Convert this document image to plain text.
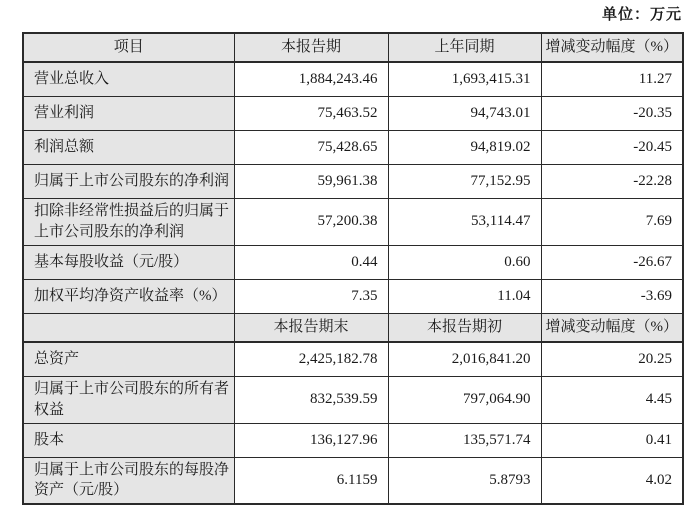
单位：万元
项目	本报告期	上年同期	增减变动幅度（%）
营业总收入	1,884,243.46	1,693,415.31	11.27
营业利润	75,463.52	94,743.01	-20.35
利润总额	75,428.65	94,819.02	-20.45
归属于上市公司股东的净利润	59,961.38	77,152.95	-22.28
扣除非经常性损益后的归属于上市公司股东的净利润	57,200.38	53,114.47	7.69
基本每股收益（元/股）	0.44	0.60	-26.67
加权平均净资产收益率（%）	7.35	11.04	-3.69
	本报告期末	本报告期初	增减变动幅度（%）
总资产	2,425,182.78	2,016,841.20	20.25
归属于上市公司股东的所有者权益	832,539.59	797,064.90	4.45
股本	136,127.96	135,571.74	0.41
归属于上市公司股东的每股净资产（元/股）	6.1159	5.8793	4.02
